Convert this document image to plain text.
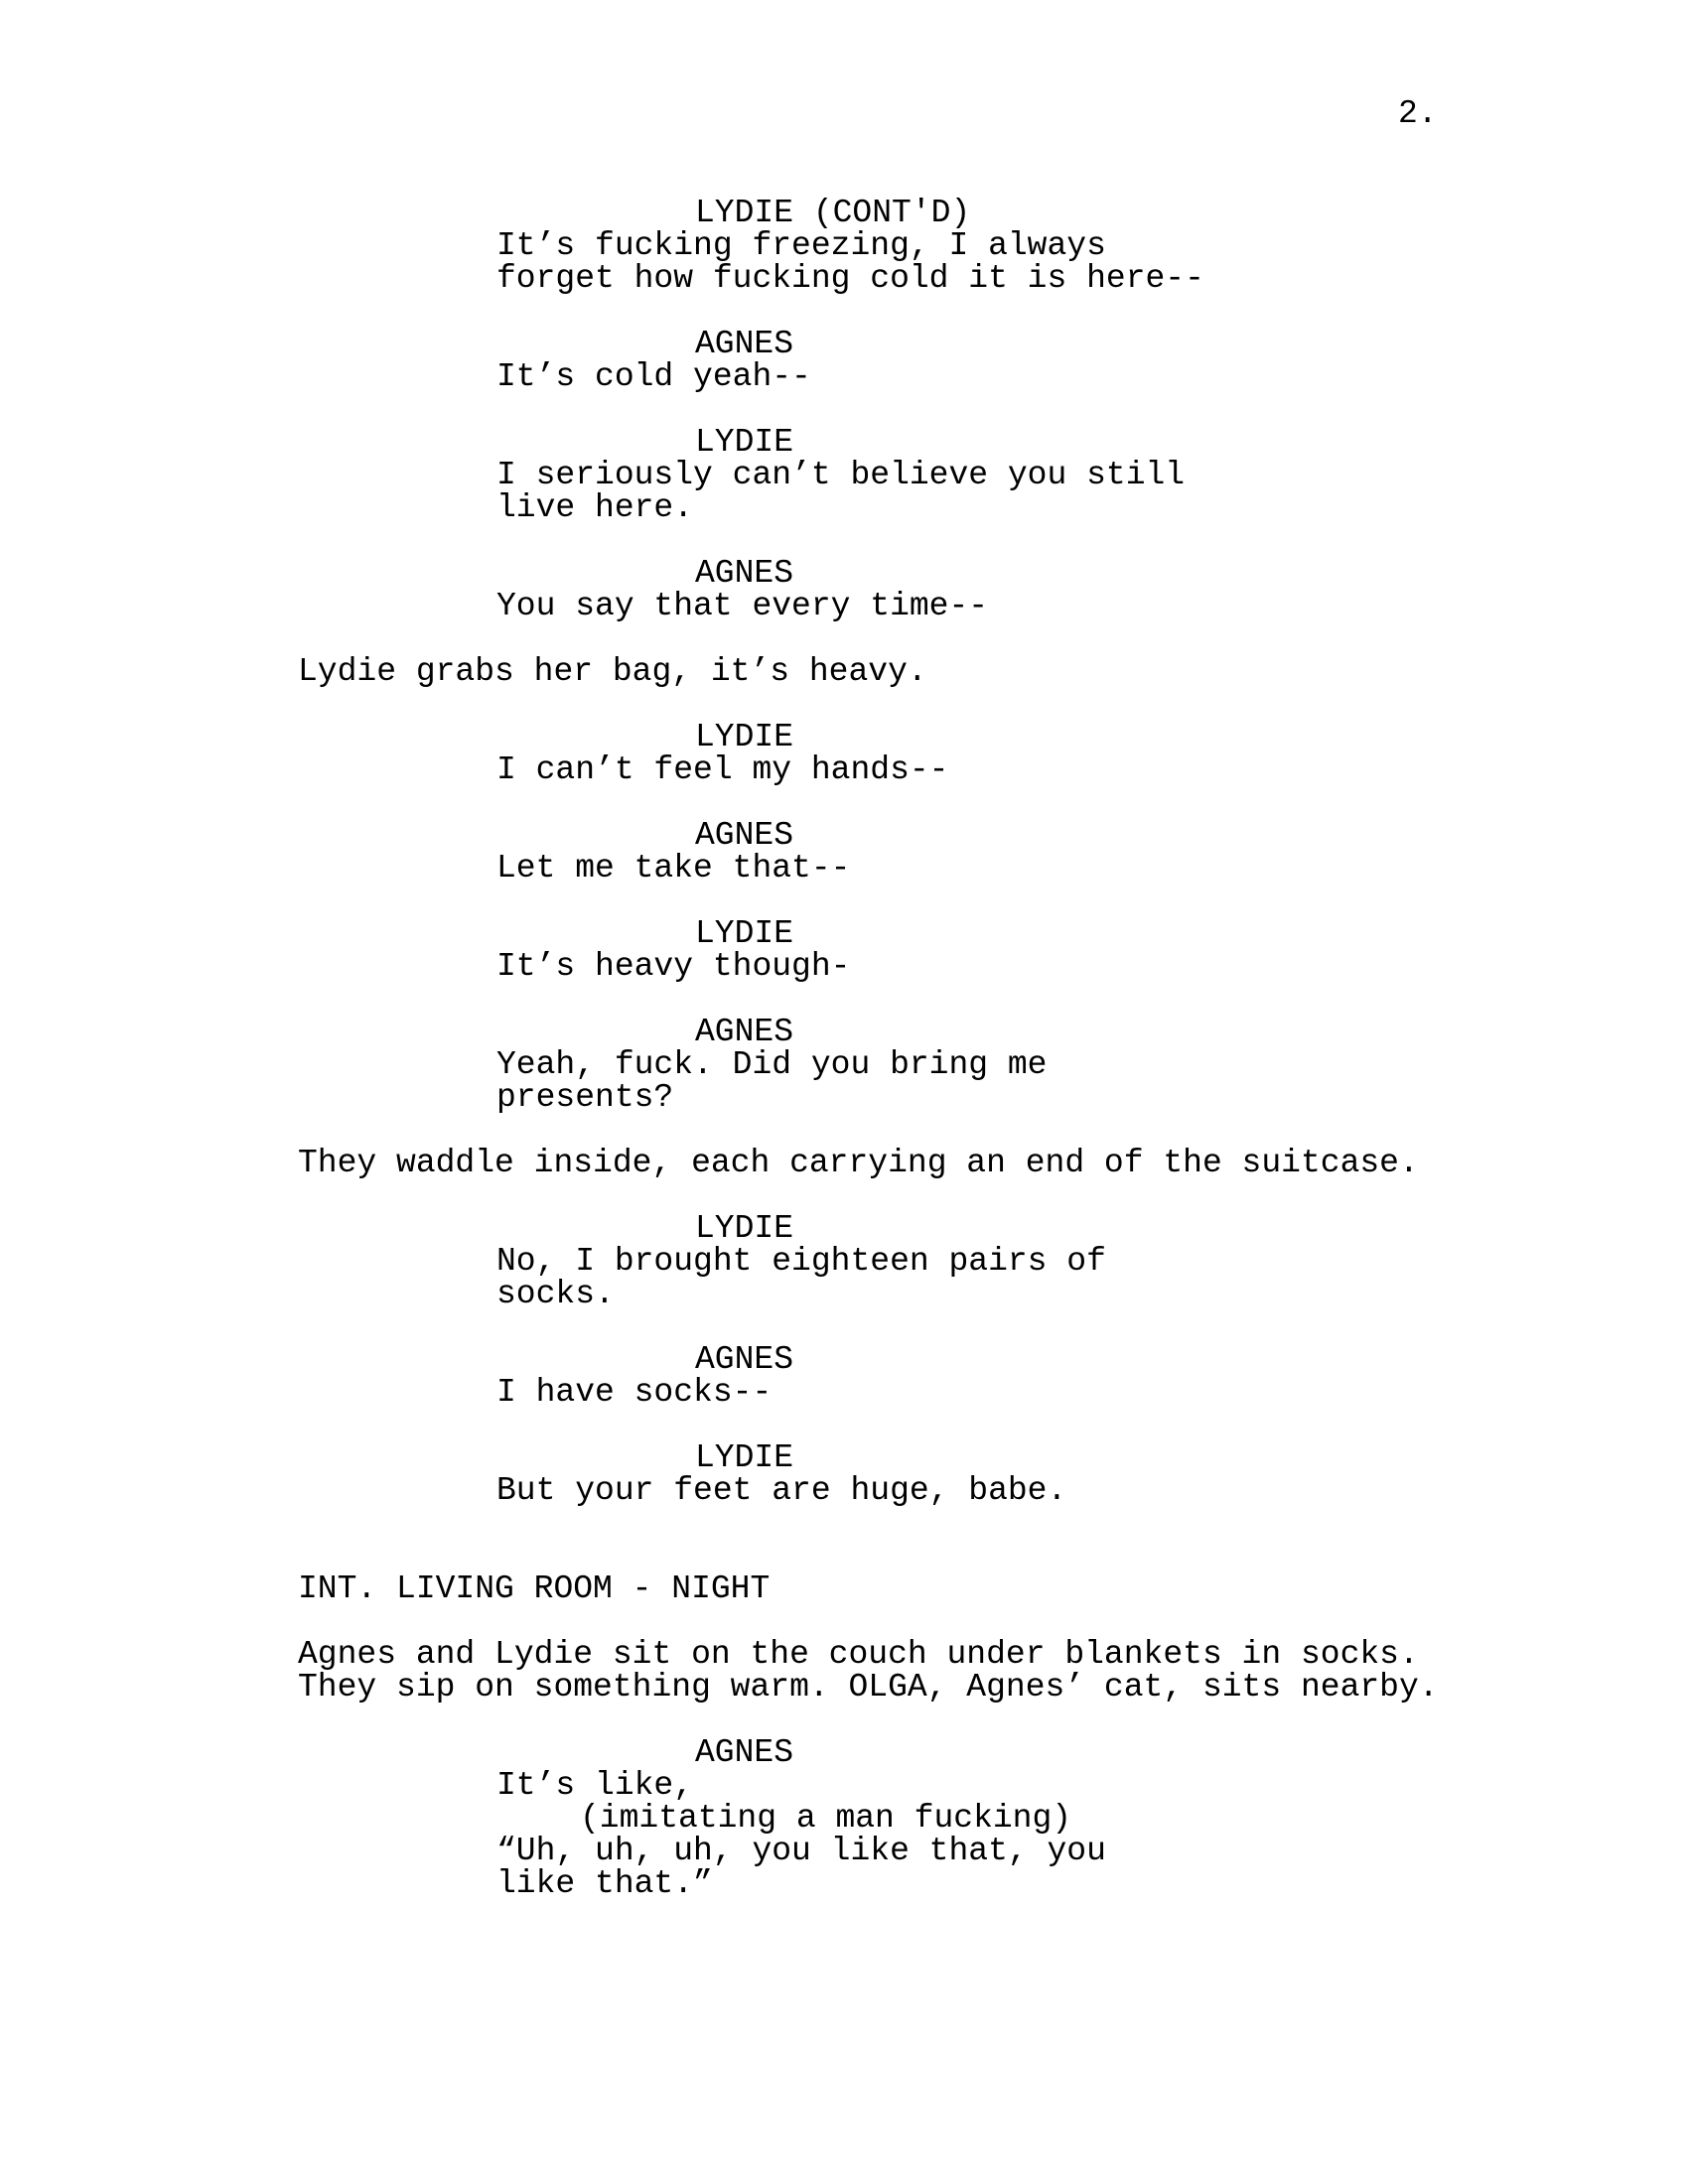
2.
LYDIE (CONT'D)
It’s fucking freezing, I always
forget how fucking cold it is here--
AGNES
It’s cold yeah--
LYDIE
I seriously can’t believe you still
live here.
AGNES
You say that every time--
Lydie grabs her bag, it’s heavy.
LYDIE
I can’t feel my hands--
AGNES
Let me take that--
LYDIE
It’s heavy though-
AGNES
Yeah, fuck. Did you bring me
presents?
They waddle inside, each carrying an end of the suitcase.
LYDIE
No, I brought eighteen pairs of
socks.
AGNES
I have socks--
LYDIE
But your feet are huge, babe.
INT. LIVING ROOM - NIGHT
Agnes and Lydie sit on the couch under blankets in socks.
They sip on something warm. OLGA, Agnes’ cat, sits nearby.
AGNES
It’s like,
(imitating a man fucking)
“Uh, uh, uh, you like that, you
like that.”
